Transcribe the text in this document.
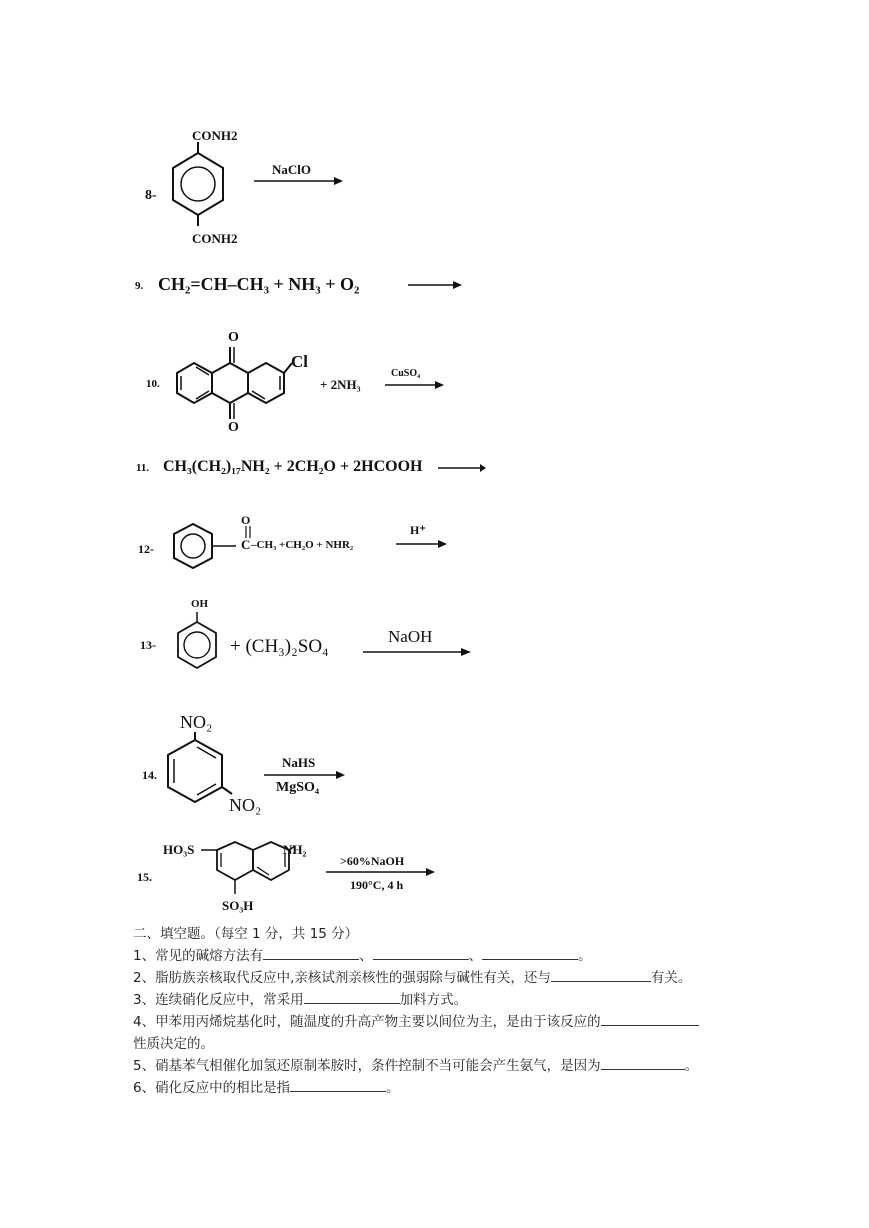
8-
CONH2
CONH2
NaClO
9. CH₂=CH–CH₃ + NH₃ + O₂
10.
O
O
Cl
+ 2NH₃
CuSO₄
11. CH₃(CH₂)₁₇NH₂ + 2CH₂O + 2HCOOH →
12-
O
C –CH₃ +CH₂O + NHR₂
H⁺
13-
OH
+ (CH₃)₂SO₄	NaOH
14.
NO₂
NO₂
NaHS
MgSO₄
15.
HO₃S	NH₂
SO₃H
>60%NaOH
190°C, 4 h
二、填空题。（每空 1 分，共 15 分）
1、常见的碱熔方法有	、	、	。
2、脂肪族亲核取代反应中,亲核试剂亲核性的强弱除与碱性有关，还与	有关。
3、连续硝化反应中，常采用	加料方式。
4、甲苯用丙烯烷基化时，随温度的升高产物主要以间位为主，是由于该反应的
性质决定的。
5、硝基苯气相催化加氢还原制苯胺时，条件控制不当可能会产生氨气，是因为	。
6、硝化反应中的相比是指	。
